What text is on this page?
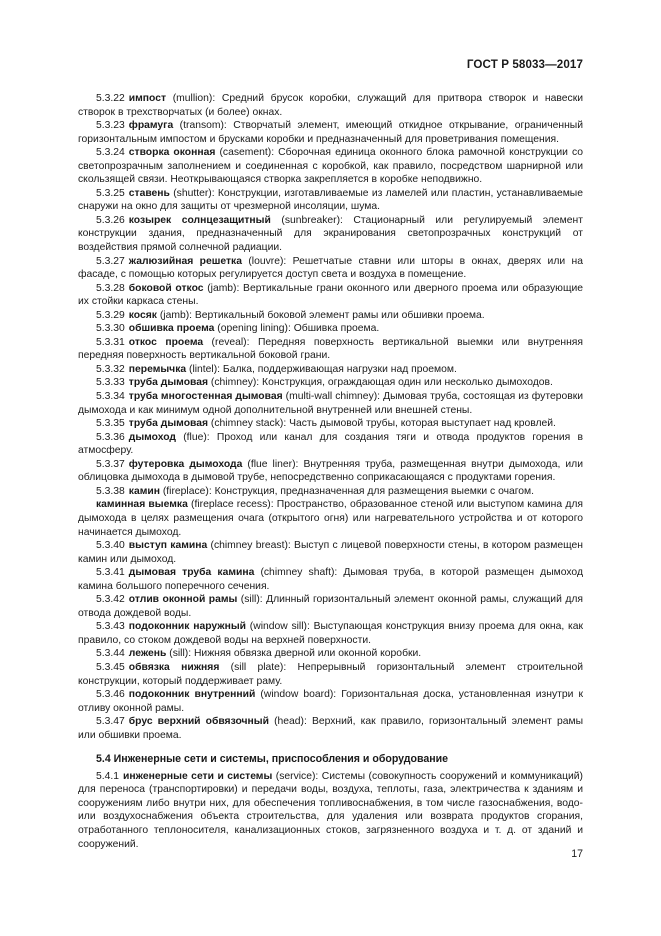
ГОСТ Р 58033—2017

5.3.22 импост (mullion): Средний брусок коробки, служащий для притвора створок и навески створок в трехстворчатых (и более) окнах.

5.3.23 фрамуга (transom): Створчатый элемент, имеющий откидное открывание, ограниченный горизонтальным импостом и брусками коробки и предназначенный для проветривания помещения.

5.3.24 створка оконная (casement): Сборочная единица оконного блока рамочной конструкции со светопрозрачным заполнением и соединенная с коробкой, как правило, посредством шарнирной или скользящей связи. Неоткрывающаяся створка закрепляется в коробке неподвижно.

5.3.25 ставень (shutter): Конструкции, изготавливаемые из ламелей или пластин, устанавливаемые снаружи на окно для защиты от чрезмерной инсоляции, шума.

5.3.26 козырек солнцезащитный (sunbreaker): Стационарный или регулируемый элемент конструкции здания, предназначенный для экранирования светопрозрачных конструкций от воздействия прямой солнечной радиации.

5.3.27 жалюзийная решетка (louvre): Решетчатые ставни или шторы в окнах, дверях или на фасаде, с помощью которых регулируется доступ света и воздуха в помещение.

5.3.28 боковой откос (jamb): Вертикальные грани оконного или дверного проема или образующие их стойки каркаса стены.

5.3.29 косяк (jamb): Вертикальный боковой элемент рамы или обшивки проема.

5.3.30 обшивка проема (opening lining): Обшивка проема.

5.3.31 откос проема (reveal): Передняя поверхность вертикальной выемки или внутренняя передняя поверхность вертикальной боковой грани.

5.3.32 перемычка (lintel): Балка, поддерживающая нагрузки над проемом.

5.3.33 труба дымовая (chimney): Конструкция, ограждающая один или несколько дымоходов.

5.3.34 труба многостенная дымовая (multi-wall chimney): Дымовая труба, состоящая из футеровки дымохода и как минимум одной дополнительной внутренней или внешней стены.

5.3.35 труба дымовая (chimney stack): Часть дымовой трубы, которая выступает над кровлей.

5.3.36 дымоход (flue): Проход или канал для создания тяги и отвода продуктов горения в атмосферу.

5.3.37 футеровка дымохода (flue liner): Внутренняя труба, размещенная внутри дымохода, или облицовка дымохода в дымовой трубе, непосредственно соприкасающаяся с продуктами горения.

5.3.38 камин (fireplace): Конструкция, предназначенная для размещения выемки с очагом.

каминная выемка (fireplace recess): Пространство, образованное стеной или выступом камина для дымохода в целях размещения очага (открытого огня) или нагревательного устройства и от которого начинается дымоход.

5.3.40 выступ камина (chimney breast): Выступ с лицевой поверхности стены, в котором размещен камин или дымоход.

5.3.41 дымовая труба камина (chimney shaft): Дымовая труба, в которой размещен дымоход камина большого поперечного сечения.

5.3.42 отлив оконной рамы (sill): Длинный горизонтальный элемент оконной рамы, служащий для отвода дождевой воды.

5.3.43 подоконник наружный (window sill): Выступающая конструкция внизу проема для окна, как правило, со стоком дождевой воды на верхней поверхности.

5.3.44 лежень (sill): Нижняя обвязка дверной или оконной коробки.

5.3.45 обвязка нижняя (sill plate): Непрерывный горизонтальный элемент строительной конструкции, который поддерживает раму.

5.3.46 подоконник внутренний (window board): Горизонтальная доска, установленная изнутри к отливу оконной рамы.

5.3.47 брус верхний обвязочный (head): Верхний, как правило, горизонтальный элемент рамы или обшивки проема.

5.4 Инженерные сети и системы, приспособления и оборудование

5.4.1 инженерные сети и системы (service): Системы (совокупность сооружений и коммуникаций) для переноса (транспортировки) и передачи воды, воздуха, теплоты, газа, электричества к зданиям и сооружениям либо внутри них, для обеспечения топливоснабжения, в том числе газоснабжения, водо- или воздухоснабжения объекта строительства, для удаления или возврата продуктов сгорания, отработанного теплоносителя, канализационных стоков, загрязненного воздуха и т. д. от зданий и сооружений.

17
